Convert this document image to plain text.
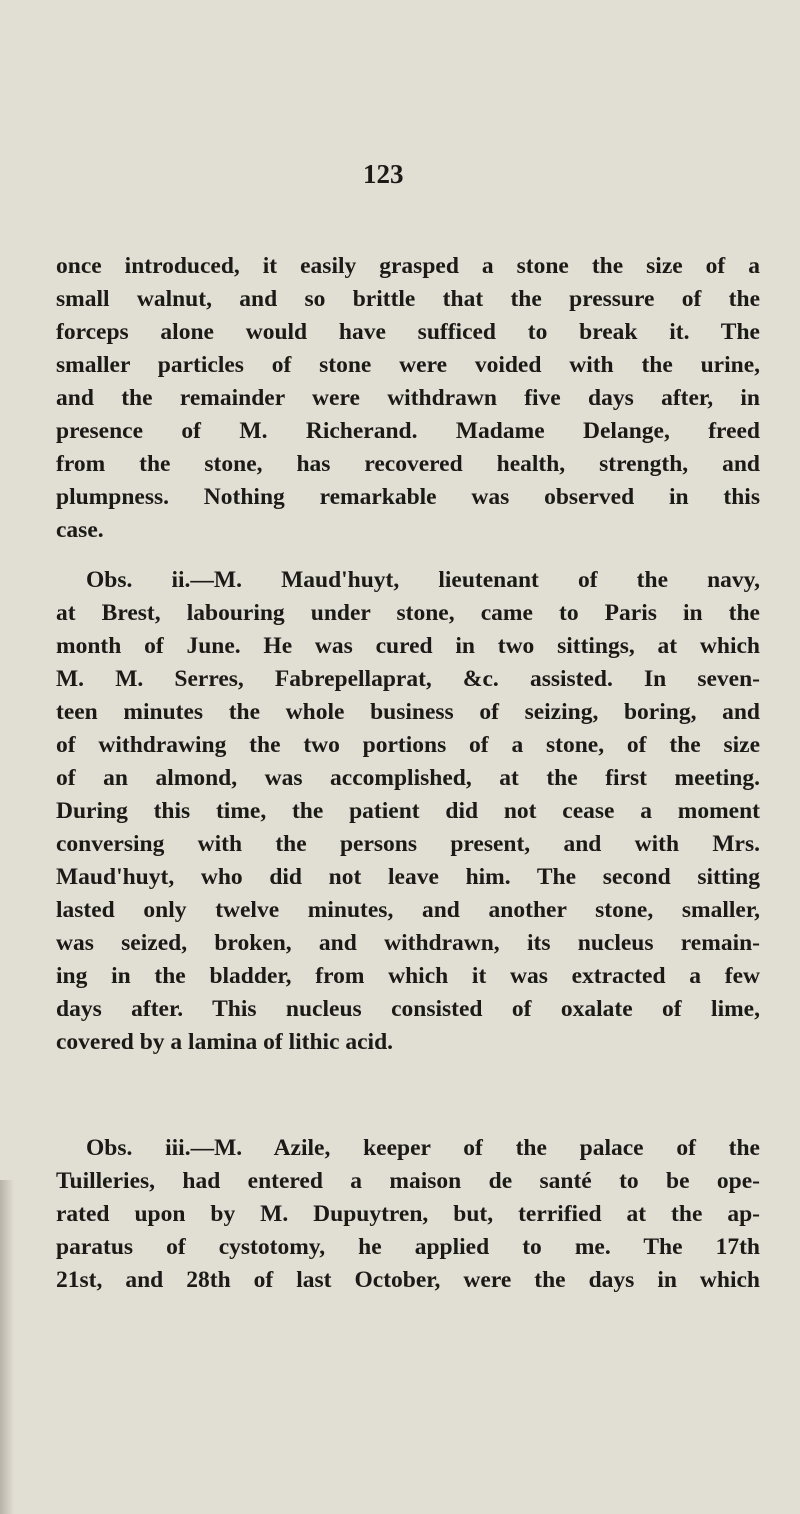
123
once introduced, it easily grasped a stone the size of a
small walnut, and so brittle that the pressure of the
forceps alone would have sufficed to break it. The
smaller particles of stone were voided with the urine,
and the remainder were withdrawn five days after, in
presence of M. Richerand. Madame Delange, freed
from the stone, has recovered health, strength, and
plumpness. Nothing remarkable was observed in this
case.
Obs. ii.—M. Maud'huyt, lieutenant of the navy,
at Brest, labouring under stone, came to Paris in the
month of June. He was cured in two sittings, at which
M. M. Serres, Fabrepellaprat, &c. assisted. In seven-
teen minutes the whole business of seizing, boring, and
of withdrawing the two portions of a stone, of the size
of an almond, was accomplished, at the first meeting.
During this time, the patient did not cease a moment
conversing with the persons present, and with Mrs.
Maud'huyt, who did not leave him. The second sitting
lasted only twelve minutes, and another stone, smaller,
was seized, broken, and withdrawn, its nucleus remain-
ing in the bladder, from which it was extracted a few
days after. This nucleus consisted of oxalate of lime,
covered by a lamina of lithic acid.
Obs. iii.—M. Azile, keeper of the palace of the
Tuilleries, had entered a maison de santé to be ope-
rated upon by M. Dupuytren, but, terrified at the ap-
paratus of cystotomy, he applied to me. The 17th
21st, and 28th of last October, were the days in which
